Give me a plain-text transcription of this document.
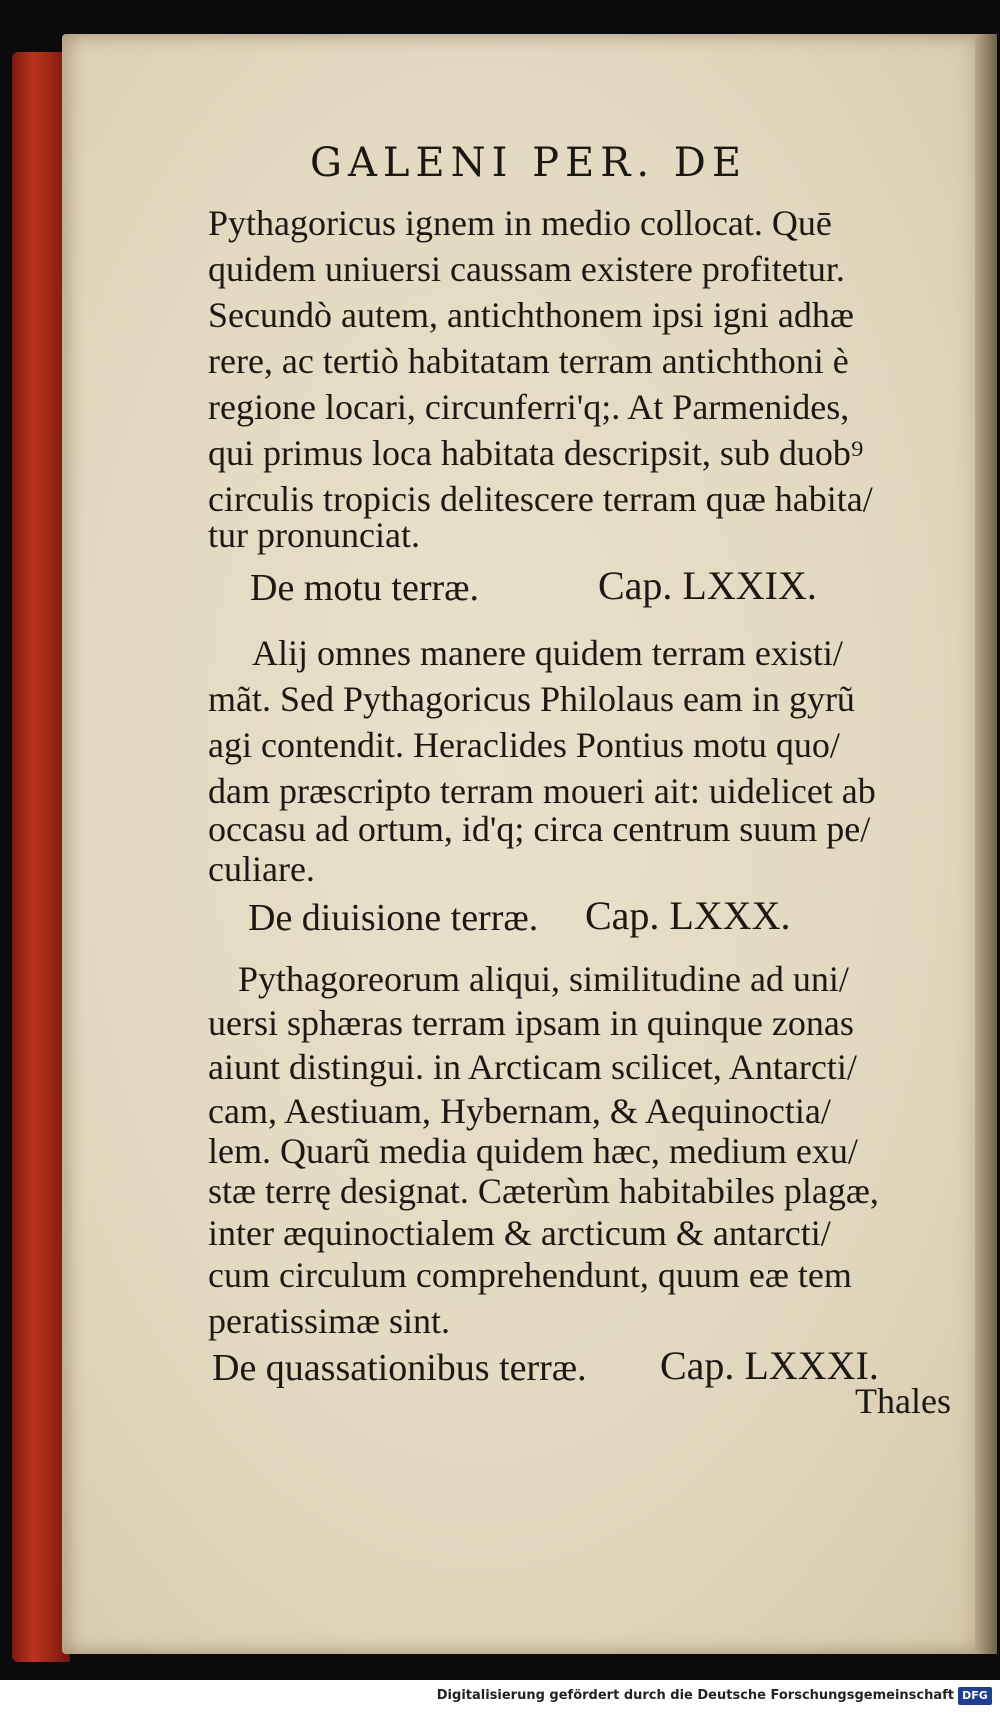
GALENI PER. DE
Pythagoricus ignem in medio collocat. Quē
quidem uniuersi caussam existere profitetur.
Secundò autem, antichthonem ipsi igni adhæ
rere, ac tertiò habitatam terram antichthoni è
regione locari, circunferri'q;. At Parmenides,
qui primus loca habitata descripsit, sub duob⁹
circulis tropicis delitescere terram quæ habita/
tur pronunciat.
De motu terræ.	Cap. LXXIX.
Alij omnes manere quidem terram existi/
mãt. Sed Pythagoricus Philolaus eam in gyrũ
agi contendit. Heraclides Pontius motu quo/
dam præscripto terram moueri ait: uidelicet ab
occasu ad ortum, id'q; circa centrum suum pe/
culiare.
De diuisione terræ. Cap. LXXX.
Pythagoreorum aliqui, similitudine ad uni/
uersi sphæras terram ipsam in quinque zonas
aiunt distingui. in Arcticam scilicet, Antarcti/
cam, Aestiuam, Hybernam, & Aequinoctia/
lem. Quarũ media quidem hæc, medium exu/
stæ terrę designat. Cæterùm habitabiles plagæ,
inter æquinoctialem & arcticum & antarcti/
cum circulum comprehendunt, quum eæ tem
peratissimæ sint.
De quassationibus terræ. Cap. LXXXI.
Thales
Digitalisierung gefördert durch die Deutsche Forschungsgemeinschaft DFG
